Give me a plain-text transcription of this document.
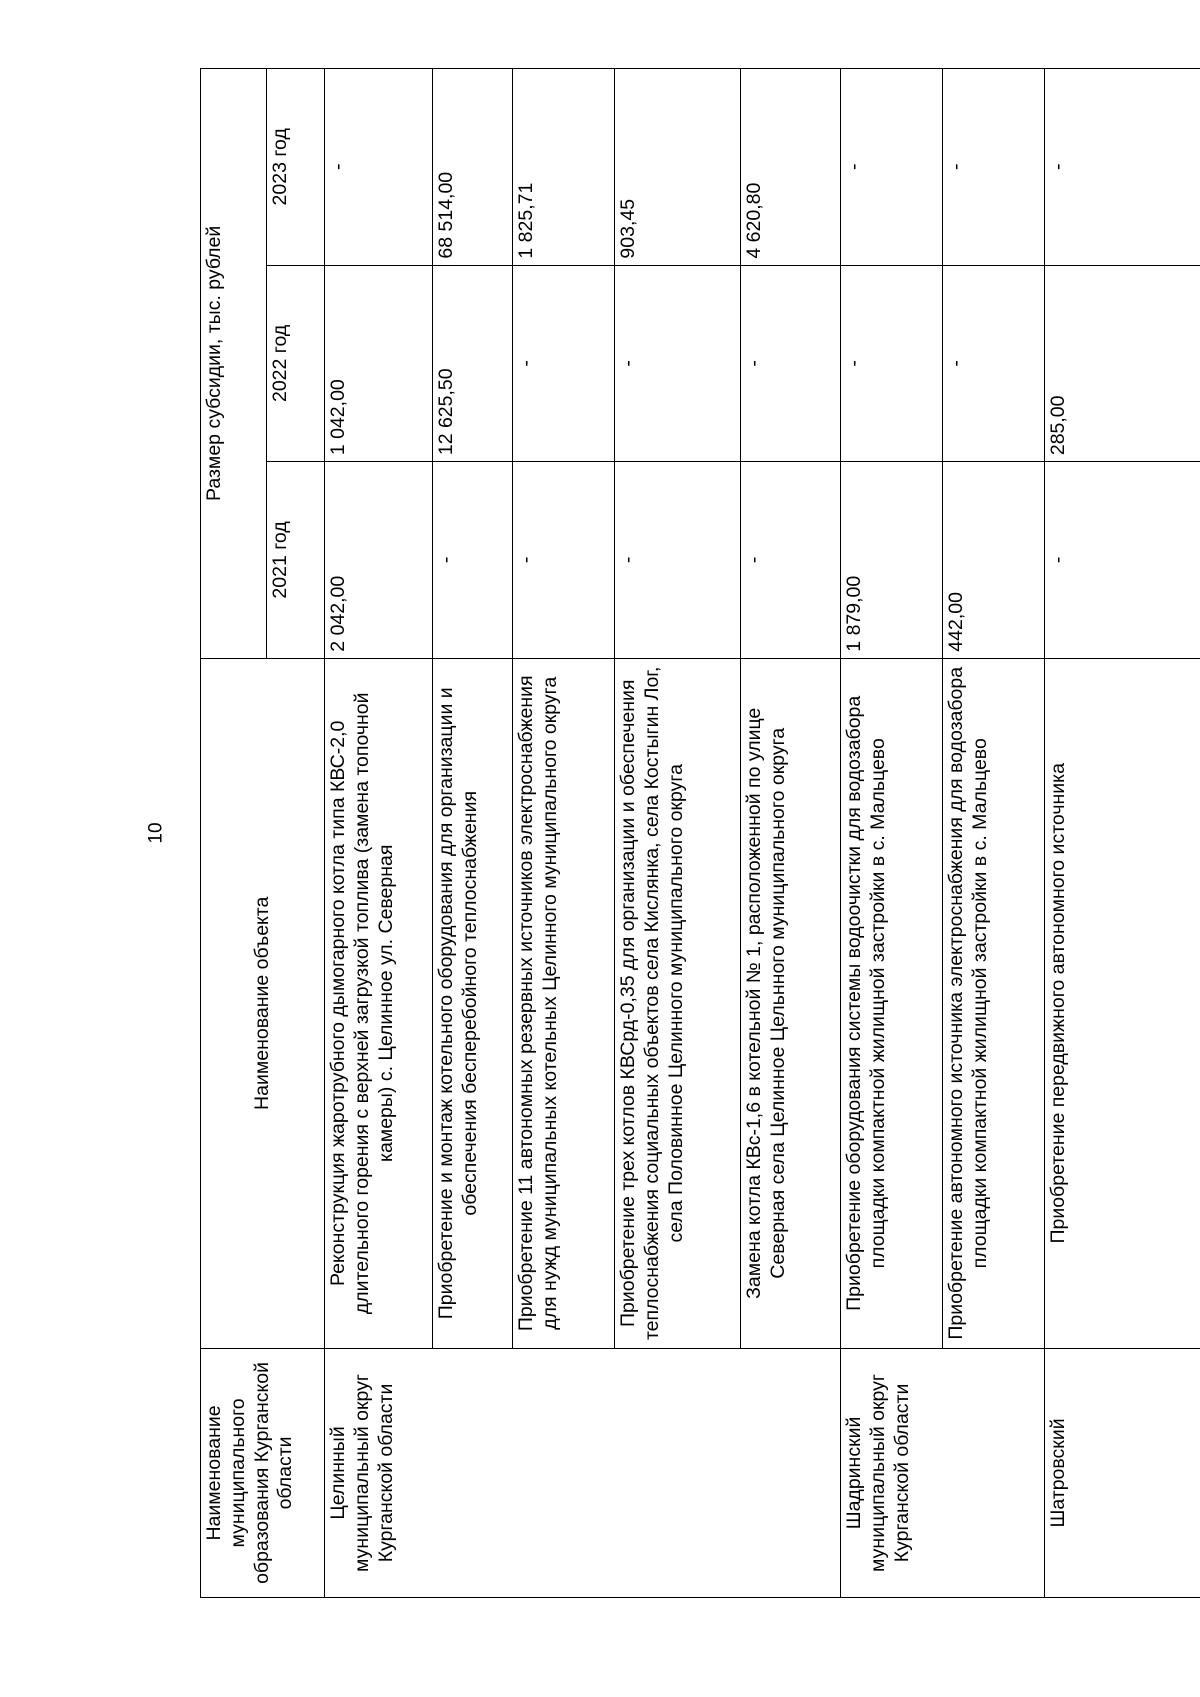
10
Наименование муниципального образования Курганской области	Наименование объекта	Размер субсидии, тыс. рублей		
		2021 год	2022 год	2023 год
Целинный муниципальный округ Курганской области	Реконструкция жаротрубного дымогарного котла типа КВС-2,0 длительного горения с верхней загрузкой топлива (замена топочной камеры) с. Целинное ул. Северная	2 042,00	1 042,00	-
	Приобретение и монтаж котельного оборудования для организации и обеспечения бесперебойного теплоснабжения	-	12 625,50	68 514,00
	Приобретение 11 автономных резервных источников электроснабжения для нужд муниципальных котельных Целинного муниципального округа	-	-	1 825,71
	Приобретение трех котлов КВСрд-0,35 для организации и обеспечения теплоснабжения социальных объектов села Кислянка, села Костыгин Лог, села Половинное Целинного муниципального округа	-	-	903,45
	Замена котла КВс-1,6 в котельной № 1, расположенной по улице Северная села Целинное Цельнного муниципального округа	-	-	4 620,80
Шадринский муниципальный округ Курганской области	Приобретение оборудования системы водоочистки для водозабора площадки компактной жилищной застройки в с. Мальцево	1 879,00	-	-
	Приобретение автономного источника электроснабжения для водозабора площадки компактной жилищной застройки в с. Мальцево	442,00	-	-
Шатровский	Приобретение передвижного автономного источника	-	285,00	-
